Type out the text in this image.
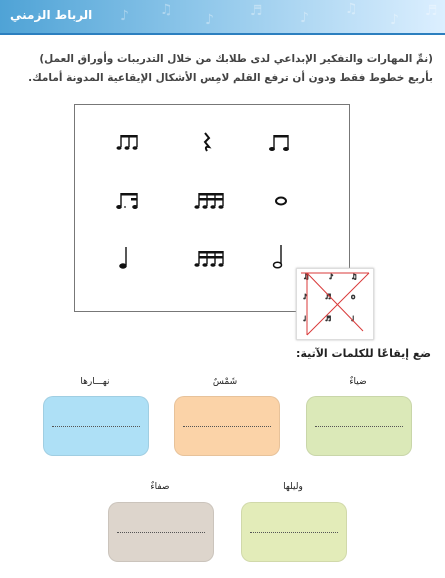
♪ ♫
♪
♬	♪
♫
♪
♬
الرباط الزمني
(نمِّ المهارات والتفكير الإبداعي لدى طلابك من خلال التدريبات وأوراق العمل)
بأربع خطوط فقط ودون أن ترفع القلم لامِس الأشكال الإيقاعية المدونة أمامك.
♫	♪	♫
♪	♬	o
♩	♬	♩
ضع إيقاعًا للكلمات الآتية:
ضياءٌ
شَمْسٌ
نهـــارها
وليلها
صفاءٌ
